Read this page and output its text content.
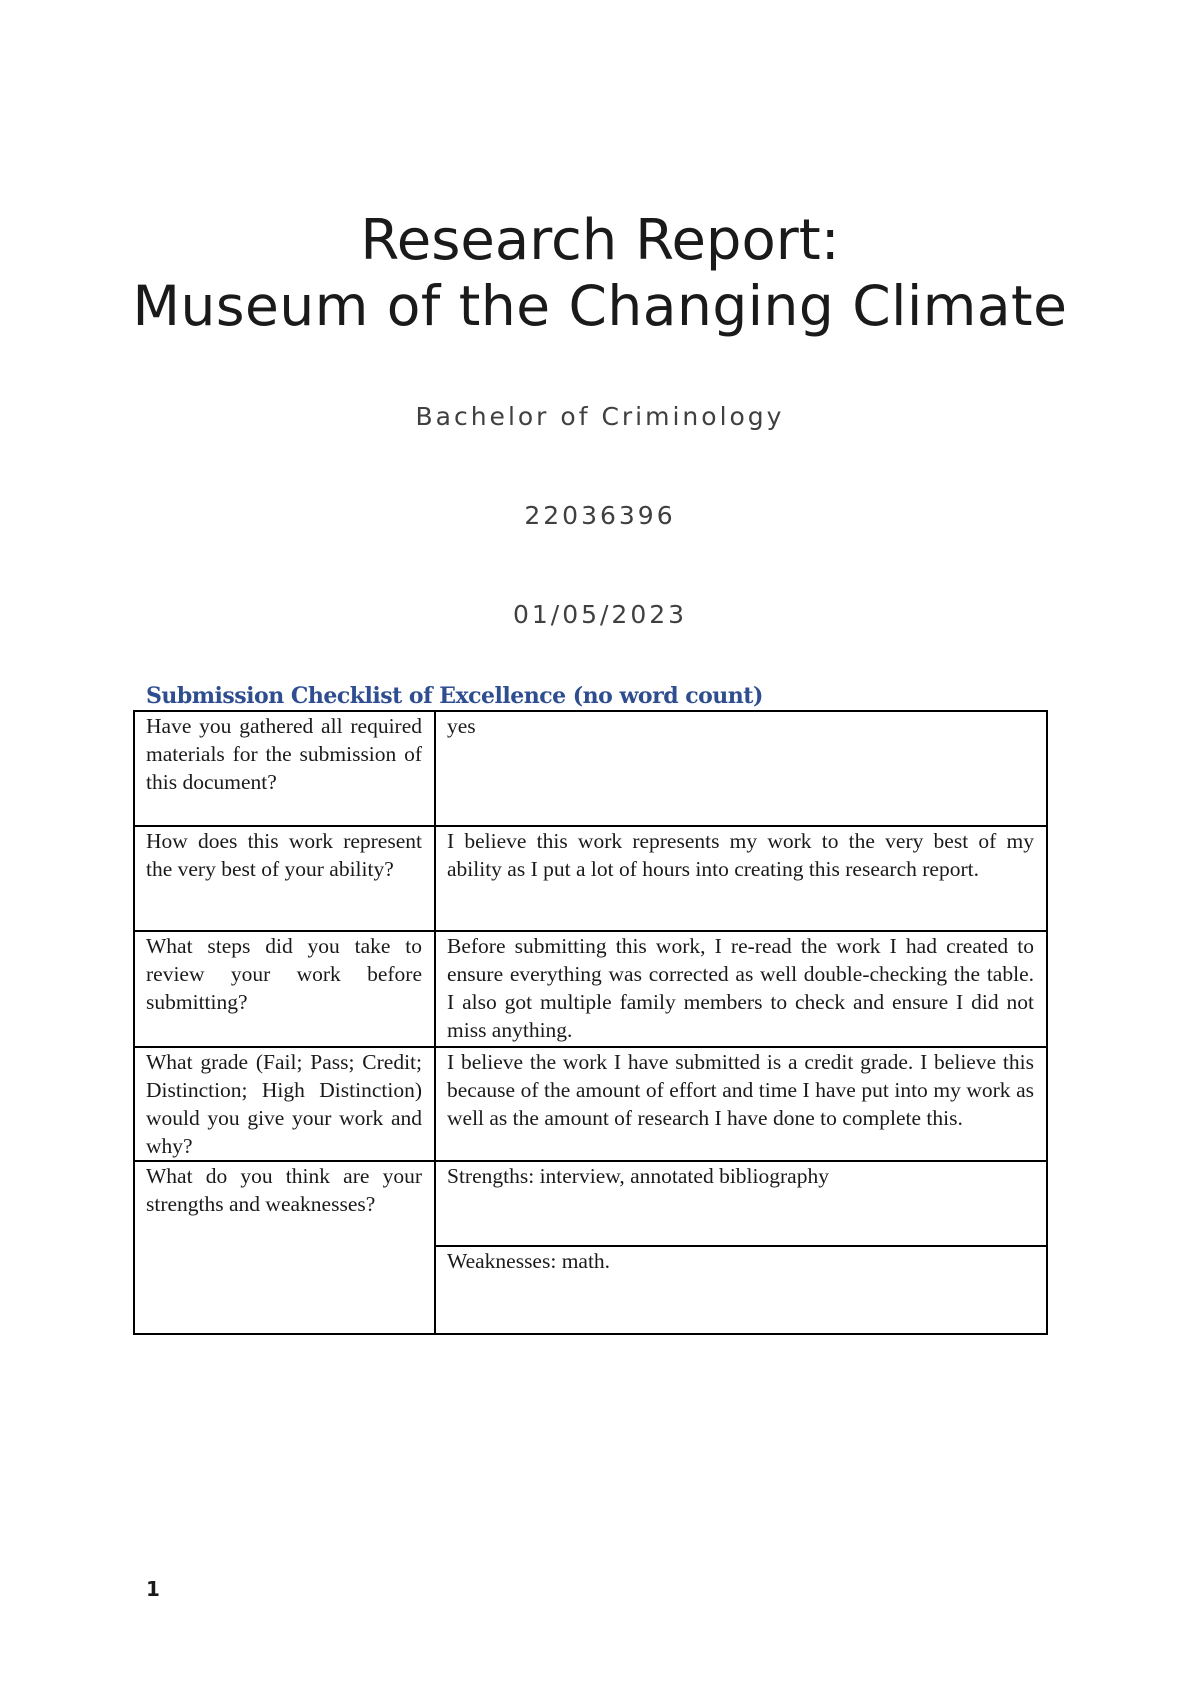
Research Report:
Museum of the Changing Climate
Bachelor of Criminology
22036396
01/05/2023
Submission Checklist of Excellence (no word count)
Have you gathered all required materials for the submission of this document?	yes
How does this work represent the very best of your ability?	I believe this work represents my work to the very best of my ability as I put a lot of hours into creating this research report.
What steps did you take to review your work before submitting?	Before submitting this work, I re-read the work I had created to ensure everything was corrected as well double-checking the table. I also got multiple family members to check and ensure I did not miss anything.
What grade (Fail; Pass; Credit; Distinction; High Distinction) would you give your work and why?	I believe the work I have submitted is a credit grade. I believe this because of the amount of effort and time I have put into my work as well as the amount of research I have done to complete this.
What do you think are your strengths and weaknesses?	Strengths: interview, annotated bibliography
	Weaknesses: math.
1
